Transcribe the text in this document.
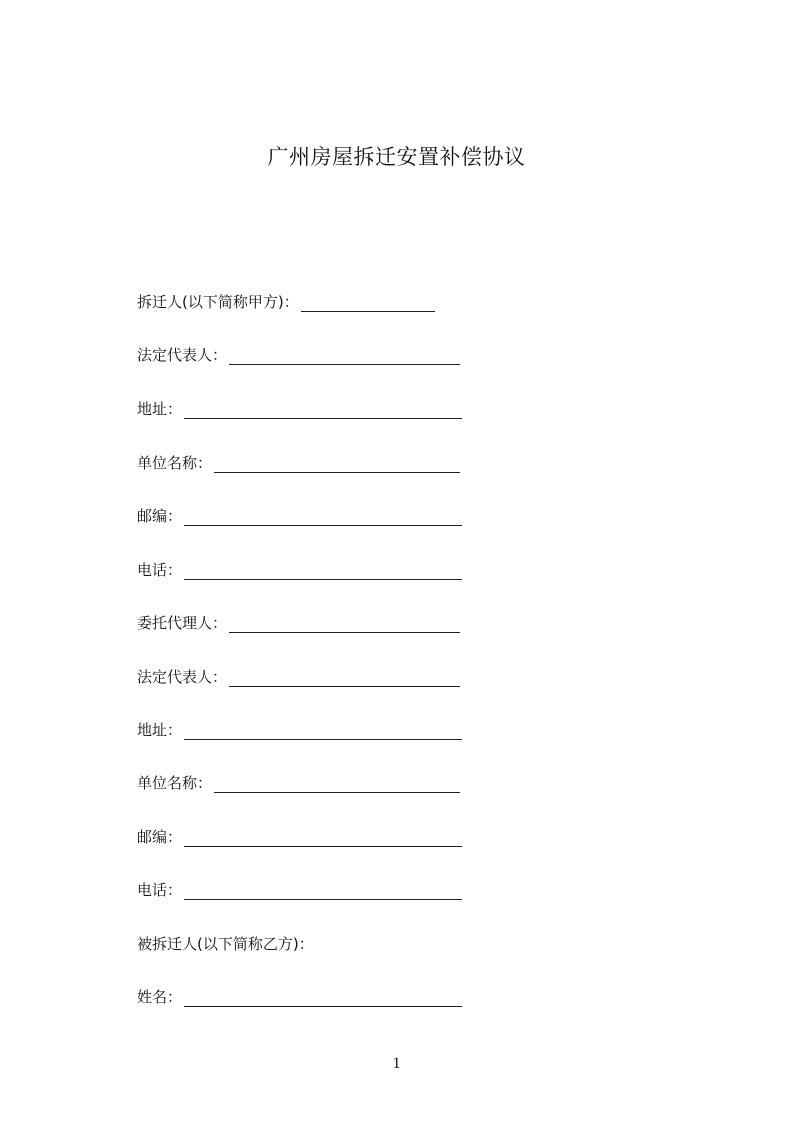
广州房屋拆迁安置补偿协议
拆迁人(以下简称甲方)：
法定代表人：
地址：
单位名称：
邮编：
电话：
委托代理人：
法定代表人：
地址：
单位名称：
邮编：
电话：
被拆迁人(以下简称乙方)：
姓名：
1
